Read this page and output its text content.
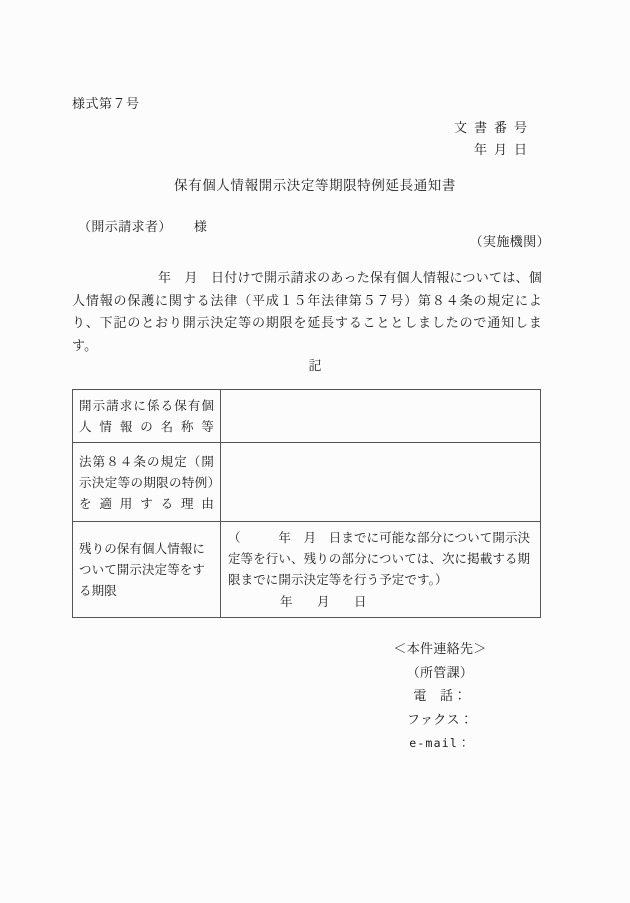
様式第７号
文書番号
年月日
保有個人情報開示決定等期限特例延長通知書
（開示請求者） 様
（実施機関）
年　月　日付けで開示請求のあった保有個人情報については、個人情報の保護に関する法律（平成１５年法律第５７号）第８４条の規定により、下記のとおり開示決定等の期限を延長することとしましたので通知します。
記
開示請求に係る保有個人情報の名称等	
法第８４条の規定（開示決定等の期限の特例）を適用する理由	
残りの保有個人情報について開示決定等をする期限	（　　　年　月　日までに可能な部分について開示決定等を行い、残りの部分については、次に掲載する期限までに開示決定等を行う予定です。）
年　月　日
＜本件連絡先＞
（所管課）
電　話：
ファクス：
e-mail：
